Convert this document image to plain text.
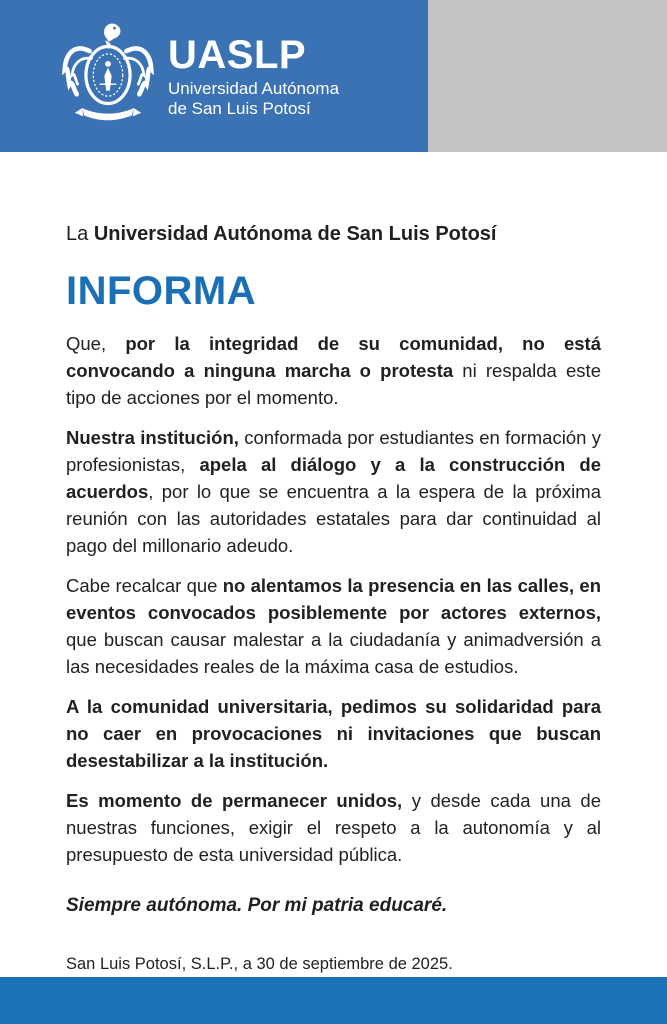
UASLP
Universidad Autónoma
de San Luis Potosí

La Universidad Autónoma de San Luis Potosí

INFORMA

Que, por la integridad de su comunidad, no está convocando a ninguna marcha o protesta ni respalda este tipo de acciones por el momento.

Nuestra institución, conformada por estudiantes en formación y profesionistas, apela al diálogo y a la construcción de acuerdos, por lo que se encuentra a la espera de la próxima reunión con las autoridades estatales para dar continuidad al pago del millonario adeudo.

Cabe recalcar que no alentamos la presencia en las calles, en eventos convocados posiblemente por actores externos, que buscan causar malestar a la ciudadanía y animadversión a las necesidades reales de la máxima casa de estudios.

A la comunidad universitaria, pedimos su solidaridad para no caer en provocaciones ni invitaciones que buscan desestabilizar a la institución.

Es momento de permanecer unidos, y desde cada una de nuestras funciones, exigir el respeto a la autonomía y al presupuesto de esta universidad pública.

Siempre autónoma. Por mi patria educaré.

San Luis Potosí, S.L.P., a 30 de septiembre de 2025.
